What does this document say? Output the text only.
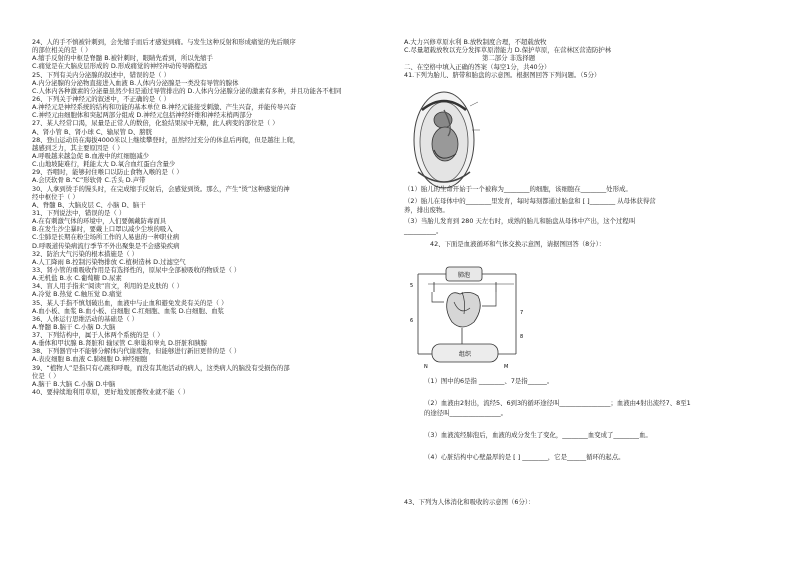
24、人的手不慎被针刺到，会先缩手而后才感觉到痛。与发生这种反射和形成痛觉的先后顺序
的部位相关的是（ ）
A.缩手反射的中枢是脊髓 B.被针刺时，眼睛先看到，所以先缩手
C.痛觉是在大脑皮层形成的 D.形成痛觉的神经冲动传导路程远
25、下列有关内分泌腺的叙述中，错误的是（ ）
A.内分泌腺的分泌物直接进入血液 B.人体内分泌腺是一类没有导管的腺体
C.人体内各种激素的分泌量虽然少但是通过导管排出的 D.人体内分泌腺分泌的激素有多种，并且功能各不相同
26、下列关于神经元的叙述中，不正确的是（ ）
A.神经元是神经系统的结构和功能的基本单位 B.神经元能接受刺激、产生兴奋，并能传导兴奋
C.神经元由细胞体和突起两部分组成 D.神经元包括神经纤维和神经末梢两部分
27、某人经常口渴，尿量是正常人的数倍，化验结果尿中无糖，此人病变的部位是（ ）
A、肾小管 B、肾小球 C、输尿管 D、膀胱
28、登山运动员在海拔4000米以上继续攀登时，虽然经过充分的休息后再爬，但是越往上爬，
越感到乏力，其主要原因是（ ）
A.呼吸越来越急促 B.血液中的红细胞减少
C.山地坡陡难行，耗能太大 D.氧合血红蛋白含量少
29、吞咽时，能够封住喉口以防止食物入喉的是（ ）
A.会厌软骨 B.“C”形软骨 C.舌头 D.声带
30、人拿到烫手的馒头时，在完成缩手反射后，会感觉到烫。那么，产生“烫”这种感觉的神
经中枢位于（ ）
A、脊髓 B、大脑皮层 C、小脑 D、脑干
31、下列说法中，错误的是（ ）
A.在有刺激气体的环境中，人们要佩戴防毒面具
B.在发生沙尘暴时，要戴上口罩以减少尘埃的吸入
C.尘肺是长期在粉尘场所工作的人易患的一种职业病
D.呼吸道传染病流行季节不外出聚集是不会感染疾病
32、防治大气污染的根本措施是（ ）
A.人工降雨 B.控制污染物排放 C.植树造林 D.过滤空气
33、肾小管的重吸收作用是有选择性的，原尿中全部被吸收的物质是（ ）
A.无机盐 B.水 C.葡萄糖 D.尿素
34、盲人用手指来“阅读”盲文，利用的是皮肤的（ ）
A.冷觉 B.热觉 C.触压觉 D.痛觉
35、某人手指不慎划破出血，血液中与止血和避免发炎有关的是（ ）
A.血小板、血浆 B.血小板、白细胞 C.红细胞、血浆 D.白细胞、血浆
36、人体运行思维活动的基础是（ ）
A.脊髓 B.脑干 C.小脑 D.大脑
37、下列结构中，属于人体两个系统的是（ ）
A.垂体和甲状腺 B.肾脏和 输尿管 C.卵巢和睾丸 D.肝脏和胰腺
38、下列器官中不能够分解体内代谢废物，但能够进行新旧更替的是（ ）
A.表皮细胞 B.血液 C.肺细胞 D.神经细胞
39、“植物人”是指只有心跳和呼吸，而没有其他活动的病人，这类病人的脑没有受损伤的部
位是（ ）
A.脑干 B.大脑 C.小脑 D.中脑
40、要持续地利用草原，更好地发展畜牧业就不能（ ）
A.大力兴修草原水利 B.放牧制度合理，不超载放牧
C.尽量超载放牧以充分发挥草原潜能力 D.保护草原，在营林区营造防护林
第二部分 非选择题
二、在空格中填入正确的答案（每空1分，共40分）
41.下列为胎儿、脐带和胎盘的示意图。根据图回答下列问题。（5分）
（1）胎儿的生命开始于一个被称为________的细胞，该细胞在________处形成。
（2）胎儿在母体中的________里发育，每时每刻都通过胎盘和 [ ]________ 从母体获得营
养，排出废物。
（3）当胎儿发育到 280 天左右时，成熟的胎儿和胎盘从母体中产出，这个过程叫
__________。
42、下面是血液循环和气体交换示意图，请据图回答（8分）：
肺泡
5
6
7
8
组织
N	M
（1）图中的6是指 ________、7是指______。
（2）血液由2射出，流经5、6到3的循环途径叫________________；血液由4射出流经7、8至1
的途径叫________________。
（3）血液流经肺泡后，血液的成分发生了变化，________血变成了________血。
（4）心脏结构中心壁最厚的是 [ ] ________，它是______循环的起点。
43、下列为人体消化和吸收的示意图（6分）：
